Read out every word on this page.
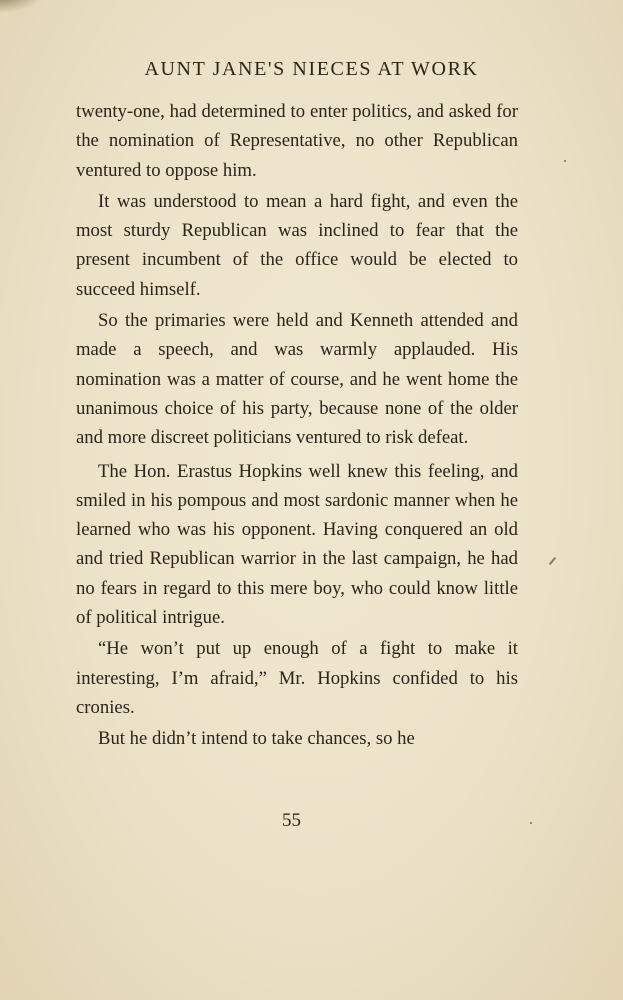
AUNT JANE'S NIECES AT WORK

twenty-one, had determined to enter politics, and asked for the nomination of Representative, no other Republican ventured to oppose him.

It was understood to mean a hard fight, and even the most sturdy Republican was inclined to fear that the present incumbent of the office would be elected to succeed himself.

So the primaries were held and Kenneth attended and made a speech, and was warmly applauded. His nomination was a matter of course, and he went home the unanimous choice of his party, because none of the older and more discreet politicians ventured to risk defeat.

The Hon. Erastus Hopkins well knew this feeling, and smiled in his pompous and most sardonic manner when he learned who was his opponent. Having conquered an old and tried Republican warrior in the last campaign, he had no fears in regard to this mere boy, who could know little of political intrigue.

“He won’t put up enough of a fight to make it interesting, I’m afraid,” Mr. Hopkins confided to his cronies.

But he didn’t intend to take chances, so he

55
